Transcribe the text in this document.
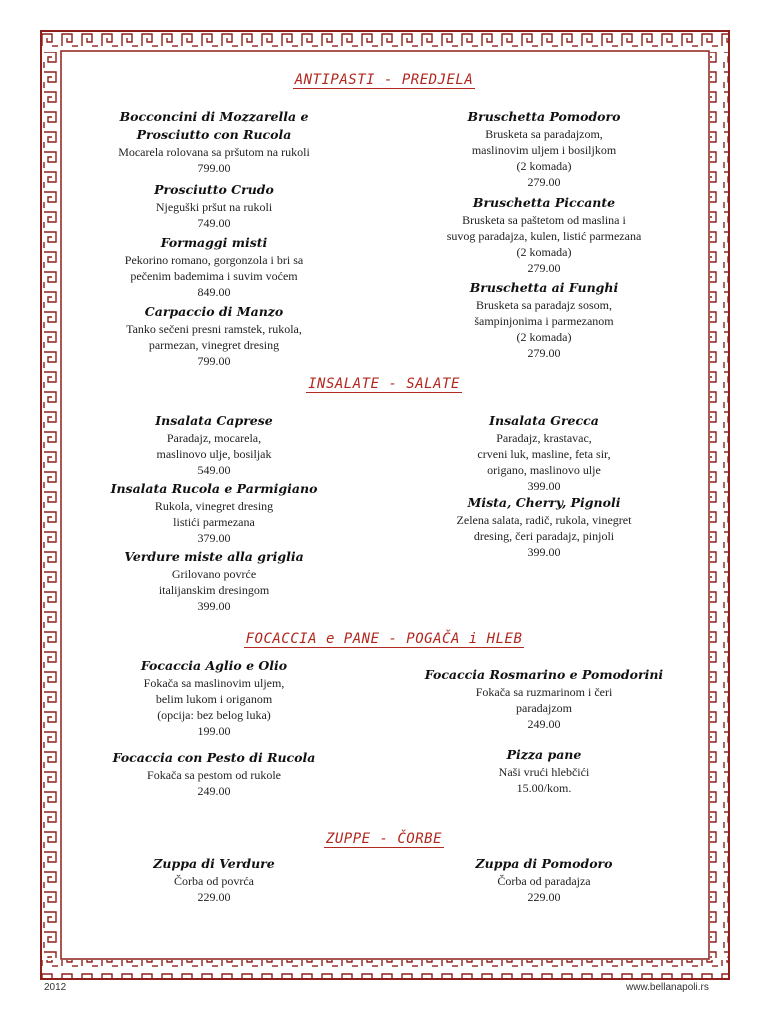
ANTIPASTI - PREDJELA
Bocconcini di Mozzarella e
Prosciutto con Rucola
Mocarela rolovana sa pršutom na rukoli
799.00
Prosciutto Crudo
Njeguški pršut na rukoli
749.00
Formaggi misti
Pekorino romano, gorgonzola i bri sa
pečenim bademima i suvim voćem
849.00
Carpaccio di Manzo
Tanko sečeni presni ramstek, rukola,
parmezan, vinegret dresing
799.00
Bruschetta Pomodoro
Brusketa sa paradajzom,
maslinovim uljem i bosiljkom
(2 komada)
279.00
Bruschetta Piccante
Brusketa sa paštetom od maslina i
suvog paradajza, kulen, listić parmezana
(2 komada)
279.00
Bruschetta ai Funghi
Brusketa sa paradajz sosom,
šampinjonima i parmezanom
(2 komada)
279.00
INSALATE - SALATE
Insalata Caprese
Paradajz, mocarela,
maslinovo ulje, bosiljak
549.00
Insalata Rucola e Parmigiano
Rukola, vinegret dresing
listići parmezana
379.00
Verdure miste alla griglia
Grilovano povrće
italijanskim dresingom
399.00
Insalata Grecca
Paradajz, krastavac,
crveni luk, masline, feta sir,
origano, maslinovo ulje
399.00
Mista, Cherry, Pignoli
Zelena salata, radič, rukola, vinegret
dresing, čeri paradajz, pinjoli
399.00
FOCACCIA e PANE - POGAČA i HLEB
Focaccia Aglio e Olio
Fokača sa maslinovim uljem,
belim lukom i origanom
(opcija: bez belog luka)
199.00
Focaccia con Pesto di Rucola
Fokača sa pestom od rukole
249.00
Focaccia Rosmarino e Pomodorini
Fokača sa ruzmarinom i čeri
paradajzom
249.00
Pizza pane
Naši vrući hlebčići
15.00/kom.
ZUPPE - ČORBE
Zuppa di Verdure
Čorba od povrća
229.00
Zuppa di Pomodoro
Čorba od paradajza
229.00
2012	www.bellanapoli.rs
